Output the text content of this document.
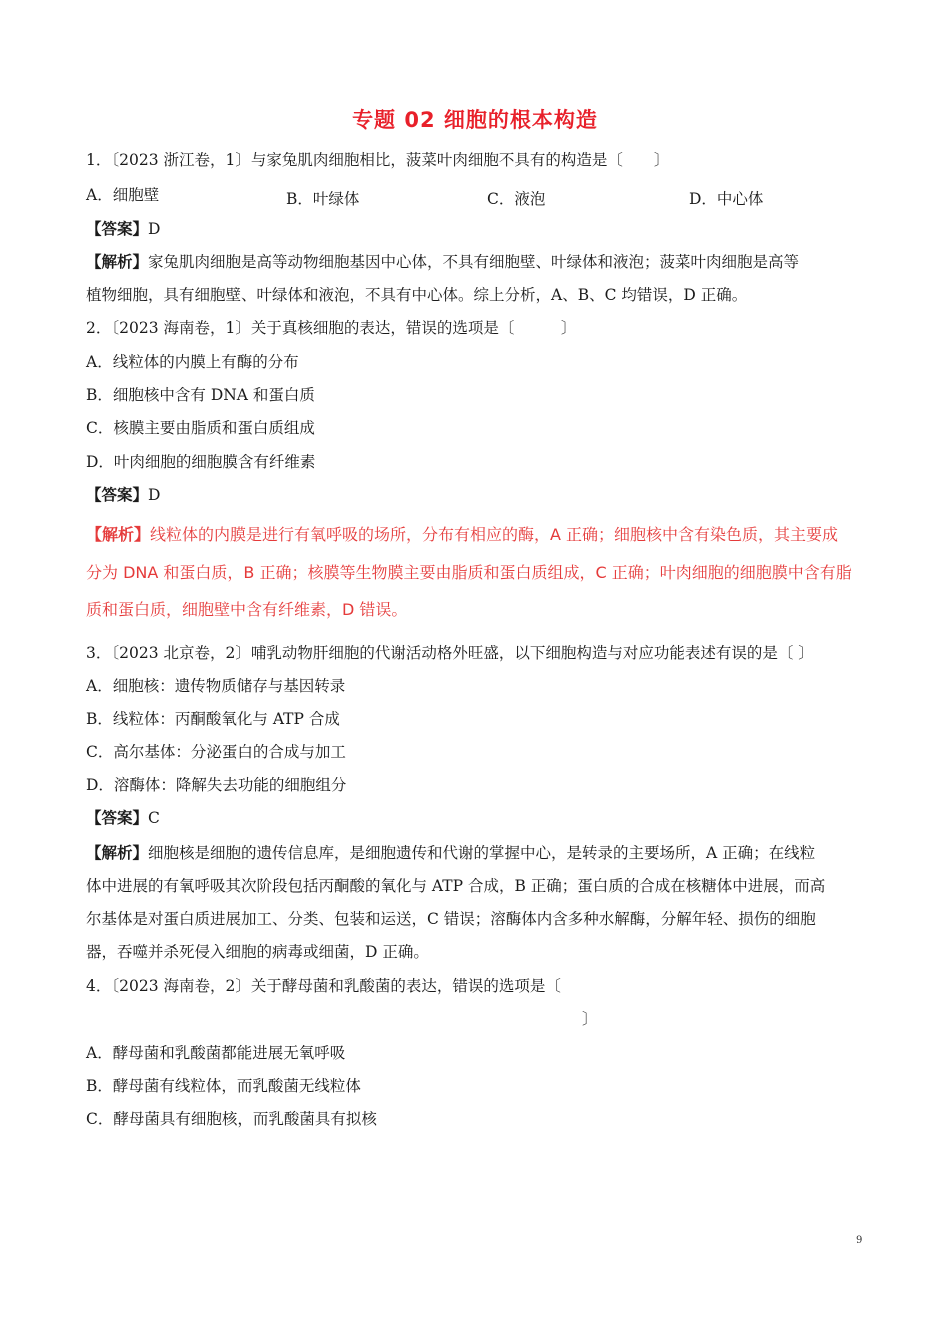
专题 02 细胞的根本构造
1．〔2023 浙江卷，1〕与家兔肌肉细胞相比，菠菜叶肉细胞不具有的构造是〔　　〕
A．细胞壁	B．叶绿体	C．液泡	D．中心体
【答案】D
【解析】家兔肌肉细胞是高等动物细胞基因中心体，不具有细胞壁、叶绿体和液泡；菠菜叶肉细胞是高等
植物细胞，具有细胞壁、叶绿体和液泡，不具有中心体。综上分析，A、B、C 均错误，D 正确。
2．〔2023 海南卷，1〕关于真核细胞的表达，错误的选项是〔　　　〕
A．线粒体的内膜上有酶的分布
B．细胞核中含有 DNA 和蛋白质
C．核膜主要由脂质和蛋白质组成
D．叶肉细胞的细胞膜含有纤维素
【答案】D
【解析】线粒体的内膜是进行有氧呼吸的场所，分布有相应的酶，A 正确；细胞核中含有染色质，其主要成
分为 DNA 和蛋白质，B 正确；核膜等生物膜主要由脂质和蛋白质组成，C 正确；叶肉细胞的细胞膜中含有脂
质和蛋白质，细胞壁中含有纤维素，D 错误。
3．〔2023 北京卷，2〕哺乳动物肝细胞的代谢活动格外旺盛，以下细胞构造与对应功能表述有误的是〔 〕
A．细胞核：遗传物质储存与基因转录
B．线粒体：丙酮酸氧化与 ATP 合成
C．高尔基体：分泌蛋白的合成与加工
D．溶酶体：降解失去功能的细胞组分
【答案】C
【解析】细胞核是细胞的遗传信息库，是细胞遗传和代谢的掌握中心，是转录的主要场所，A 正确；在线粒
体中进展的有氧呼吸其次阶段包括丙酮酸的氧化与 ATP 合成，B 正确；蛋白质的合成在核糖体中进展，而高
尔基体是对蛋白质进展加工、分类、包装和运送，C 错误；溶酶体内含多种水解酶，分解年轻、损伤的细胞
器，吞噬并杀死侵入细胞的病毒或细菌，D 正确。
4．〔2023 海南卷，2〕关于酵母菌和乳酸菌的表达，错误的选项是〔
〕
A．酵母菌和乳酸菌都能进展无氧呼吸
B．酵母菌有线粒体，而乳酸菌无线粒体
C．酵母菌具有细胞核，而乳酸菌具有拟核
9
